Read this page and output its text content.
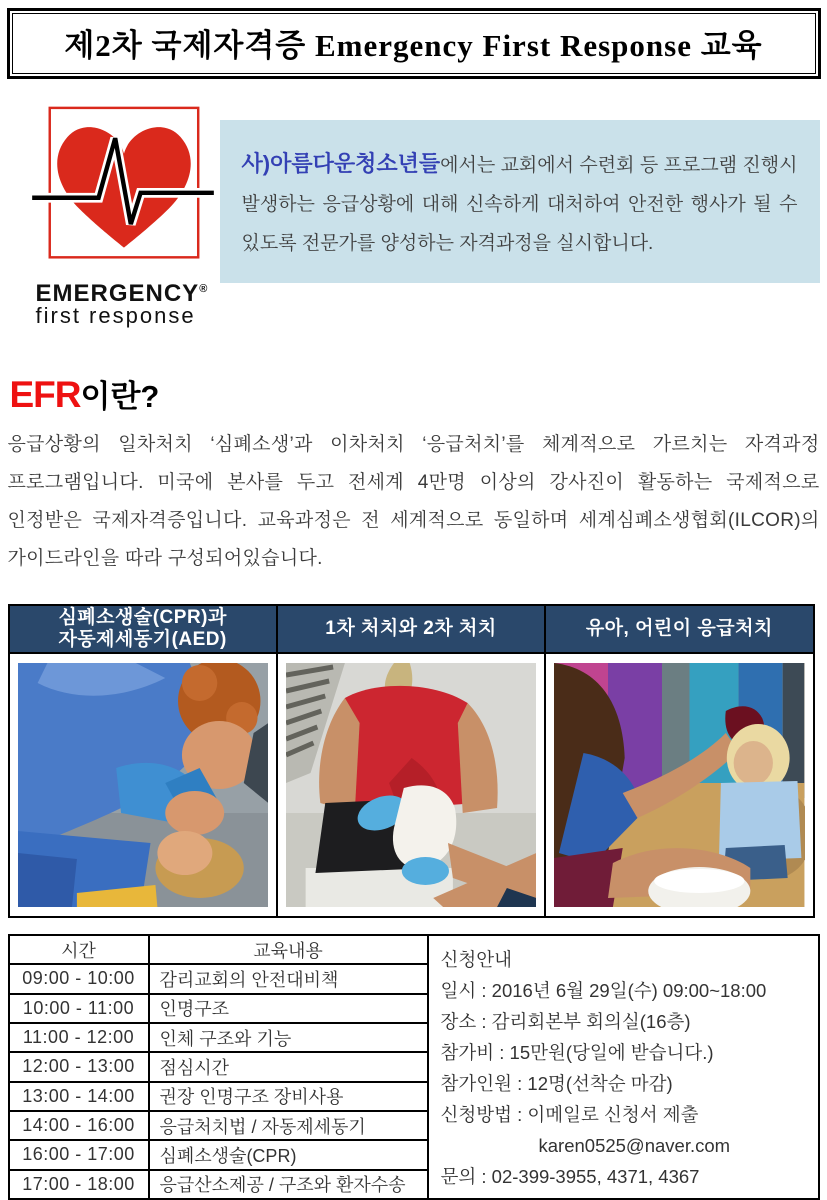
제2차 국제자격증 Emergency First Response 교육
EMERGENCY®
first response
사)아름다운청소년들에서는 교회에서 수련회 등 프로그램 진행시 발생하는 응급상황에 대해 신속하게 대처하여 안전한 행사가 될 수 있도록 전문가를 양성하는 자격과정을 실시합니다.
EFR이란?

응급상황의 일차처치 ‘심폐소생’과 이차처치 ‘응급처치’를 체계적으로 가르치는 자격과정 프로그램입니다. 미국에 본사를 두고 전세계 4만명 이상의 강사진이 활동하는 국제적으로 인정받은 국제자격증입니다. 교육과정은 전 세계적으로 동일하며 세계심폐소생협회(ILCOR)의 가이드라인을 따라 구성되어있습니다.

심폐소생술(CPR)과
자동제세동기(AED)	1차 처치와 2차 처치	유아, 어린이 응급처치

시간	교육내용
09:00 - 10:00	감리교회의 안전대비책
10:00 - 11:00	인명구조
11:00 - 12:00	인체 구조와 기능
12:00 - 13:00	점심시간
13:00 - 14:00	권장 인명구조 장비사용
14:00 - 16:00	응급처치법 / 자동제세동기
16:00 - 17:00	심폐소생술(CPR)
17:00 - 18:00	응급산소제공 / 구조와 환자수송
신청안내
일시 : 2016년 6월 29일(수) 09:00~18:00
장소 : 감리회본부 회의실(16층)
참가비 : 15만원(당일에 받습니다.)
참가인원 : 12명(선착순 마감)
신청방법 : 이메일로 신청서 제출
karen0525@naver.com
문의 : 02-399-3955, 4371, 4367
